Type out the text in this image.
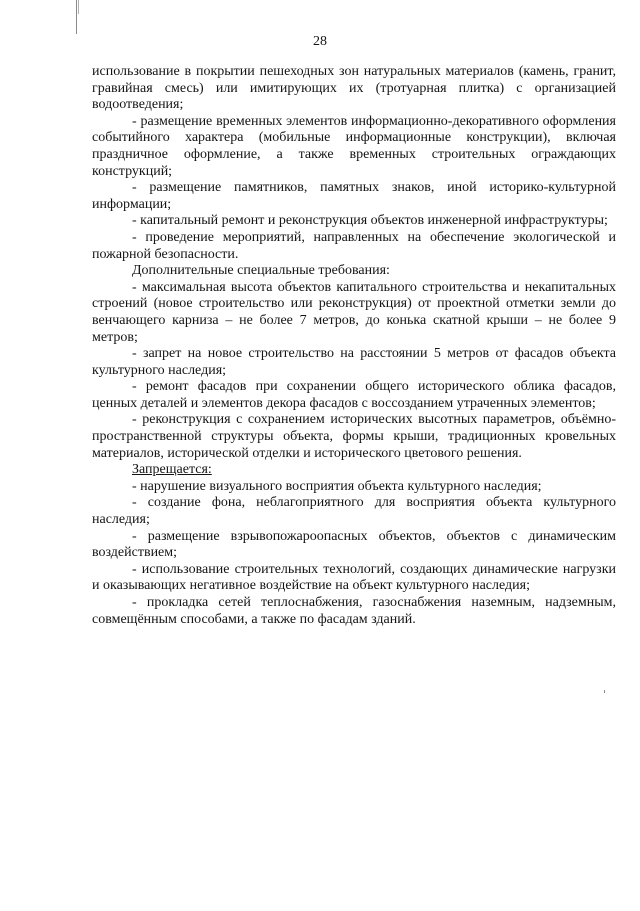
28

использование в покрытии пешеходных зон натуральных материалов (камень, гранит, гравийная смесь) или имитирующих их (тротуарная плитка) с организацией водоотведения;

- размещение временных элементов информационно-декоративного оформления событийного характера (мобильные информационные конструкции), включая праздничное оформление, а также временных строительных ограждающих конструкций;

- размещение памятников, памятных знаков, иной историко-культурной информации;

- капитальный ремонт и реконструкция объектов инженерной инфраструктуры;

- проведение мероприятий, направленных на обеспечение экологической и пожарной безопасности.

Дополнительные специальные требования:

- максимальная высота объектов капитального строительства и некапитальных строений (новое строительство или реконструкция) от проектной отметки земли до венчающего карниза – не более 7 метров, до конька скатной крыши – не более 9 метров;

- запрет на новое строительство на расстоянии 5 метров от фасадов объекта культурного наследия;

- ремонт фасадов при сохранении общего исторического облика фасадов, ценных деталей и элементов декора фасадов с воссозданием утраченных элементов;

- реконструкция с сохранением исторических высотных параметров, объёмно-пространственной структуры объекта, формы крыши, традиционных кровельных материалов, исторической отделки и исторического цветового решения.

Запрещается:

- нарушение визуального восприятия объекта культурного наследия;

- создание фона, неблагоприятного для восприятия объекта культурного наследия;

- размещение взрывопожароопасных объектов, объектов с динамическим воздействием;

- использование строительных технологий, создающих динамические нагрузки и оказывающих негативное воздействие на объект культурного наследия;

- прокладка сетей теплоснабжения, газоснабжения наземным, надземным, совмещённым способами, а также по фасадам зданий.
